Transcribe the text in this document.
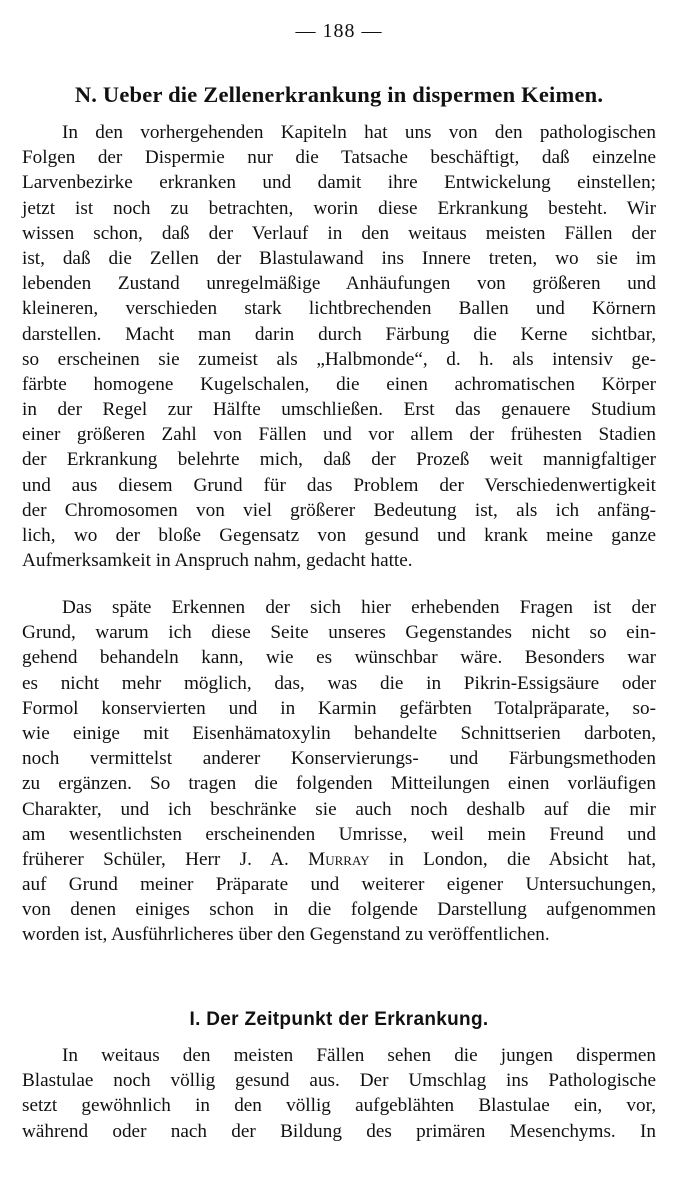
— 188 —
N. Ueber die Zellenerkrankung in dispermen Keimen.
In den vorhergehenden Kapiteln hat uns von den pathologischen
Folgen der Dispermie nur die Tatsache beschäftigt, daß einzelne
Larvenbezirke erkranken und damit ihre Entwickelung einstellen;
jetzt ist noch zu betrachten, worin diese Erkrankung besteht. Wir
wissen schon, daß der Verlauf in den weitaus meisten Fällen der
ist, daß die Zellen der Blastulawand ins Innere treten, wo sie im
lebenden Zustand unregelmäßige Anhäufungen von größeren und
kleineren, verschieden stark lichtbrechenden Ballen und Körnern
darstellen. Macht man darin durch Färbung die Kerne sichtbar,
so erscheinen sie zumeist als „Halbmonde“, d. h. als intensiv ge-
färbte homogene Kugelschalen, die einen achromatischen Körper
in der Regel zur Hälfte umschließen. Erst das genauere Studium
einer größeren Zahl von Fällen und vor allem der frühesten Stadien
der Erkrankung belehrte mich, daß der Prozeß weit mannigfaltiger
und aus diesem Grund für das Problem der Verschiedenwertigkeit
der Chromosomen von viel größerer Bedeutung ist, als ich anfäng-
lich, wo der bloße Gegensatz von gesund und krank meine ganze
Aufmerksamkeit in Anspruch nahm, gedacht hatte.
Das späte Erkennen der sich hier erhebenden Fragen ist der
Grund, warum ich diese Seite unseres Gegenstandes nicht so ein-
gehend behandeln kann, wie es wünschbar wäre. Besonders war
es nicht mehr möglich, das, was die in Pikrin-Essigsäure oder
Formol konservierten und in Karmin gefärbten Totalpräparate, so-
wie einige mit Eisenhämatoxylin behandelte Schnittserien darboten,
noch vermittelst anderer Konservierungs- und Färbungsmethoden
zu ergänzen. So tragen die folgenden Mitteilungen einen vorläufigen
Charakter, und ich beschränke sie auch noch deshalb auf die mir
am wesentlichsten erscheinenden Umrisse, weil mein Freund und
früherer Schüler, Herr J. A. Murray in London, die Absicht hat,
auf Grund meiner Präparate und weiterer eigener Untersuchungen,
von denen einiges schon in die folgende Darstellung aufgenommen
worden ist, Ausführlicheres über den Gegenstand zu veröffentlichen.
I. Der Zeitpunkt der Erkrankung.
In weitaus den meisten Fällen sehen die jungen dispermen
Blastulae noch völlig gesund aus. Der Umschlag ins Pathologische
setzt gewöhnlich in den völlig aufgeblähten Blastulae ein, vor,
während oder nach der Bildung des primären Mesenchyms. In
